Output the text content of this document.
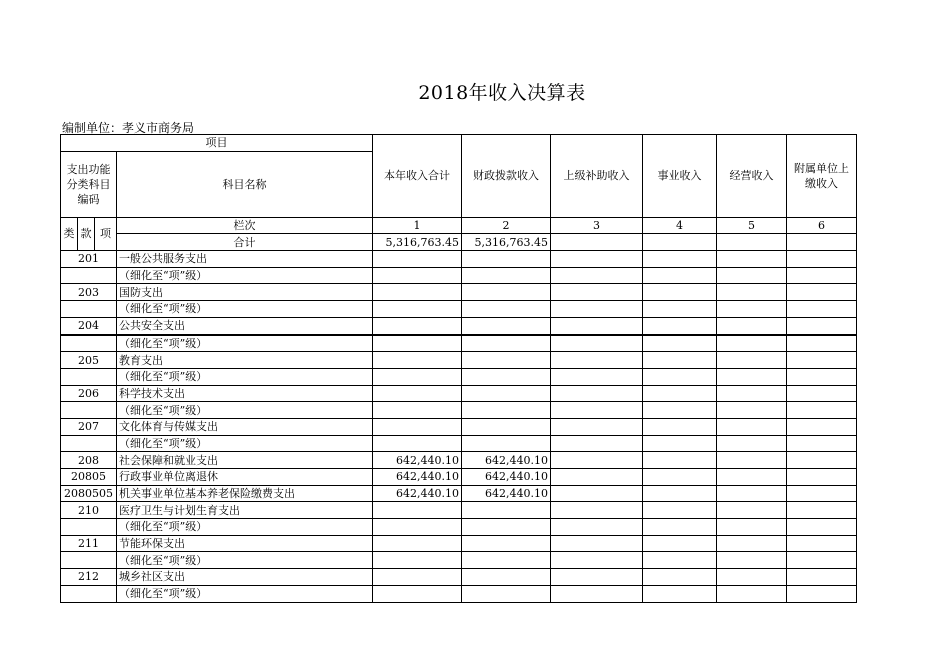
2018年收入决算表
编制单位：孝义市商务局
项目				本年收入合计	财政拨款收入	上级补助收入	事业收入	经营收入	附属单位上缴收入
支出功能分类科目编码			科目名称						

类	款	项	栏次	1	2	3	4	5	6
			合计	5,316,763.45	5,316,763.45				
201			一般公共服务支出						
			（细化至“项”级）						
203			国防支出						
			（细化至“项”级）						
204			公共安全支出						
			（细化至“项”级）						
205			教育支出						
			（细化至“项”级）						
206			科学技术支出						
			（细化至“项”级）						
207			文化体育与传媒支出						
			（细化至“项”级）						
208			社会保障和就业支出	642,440.10	642,440.10				
20805			行政事业单位离退休	642,440.10	642,440.10				
2080505			机关事业单位基本养老保险缴费支出	642,440.10	642,440.10				
210			医疗卫生与计划生育支出						
			（细化至“项”级）						
211			节能环保支出						
			（细化至“项”级）						
212			城乡社区支出						
			（细化至“项”级）						
